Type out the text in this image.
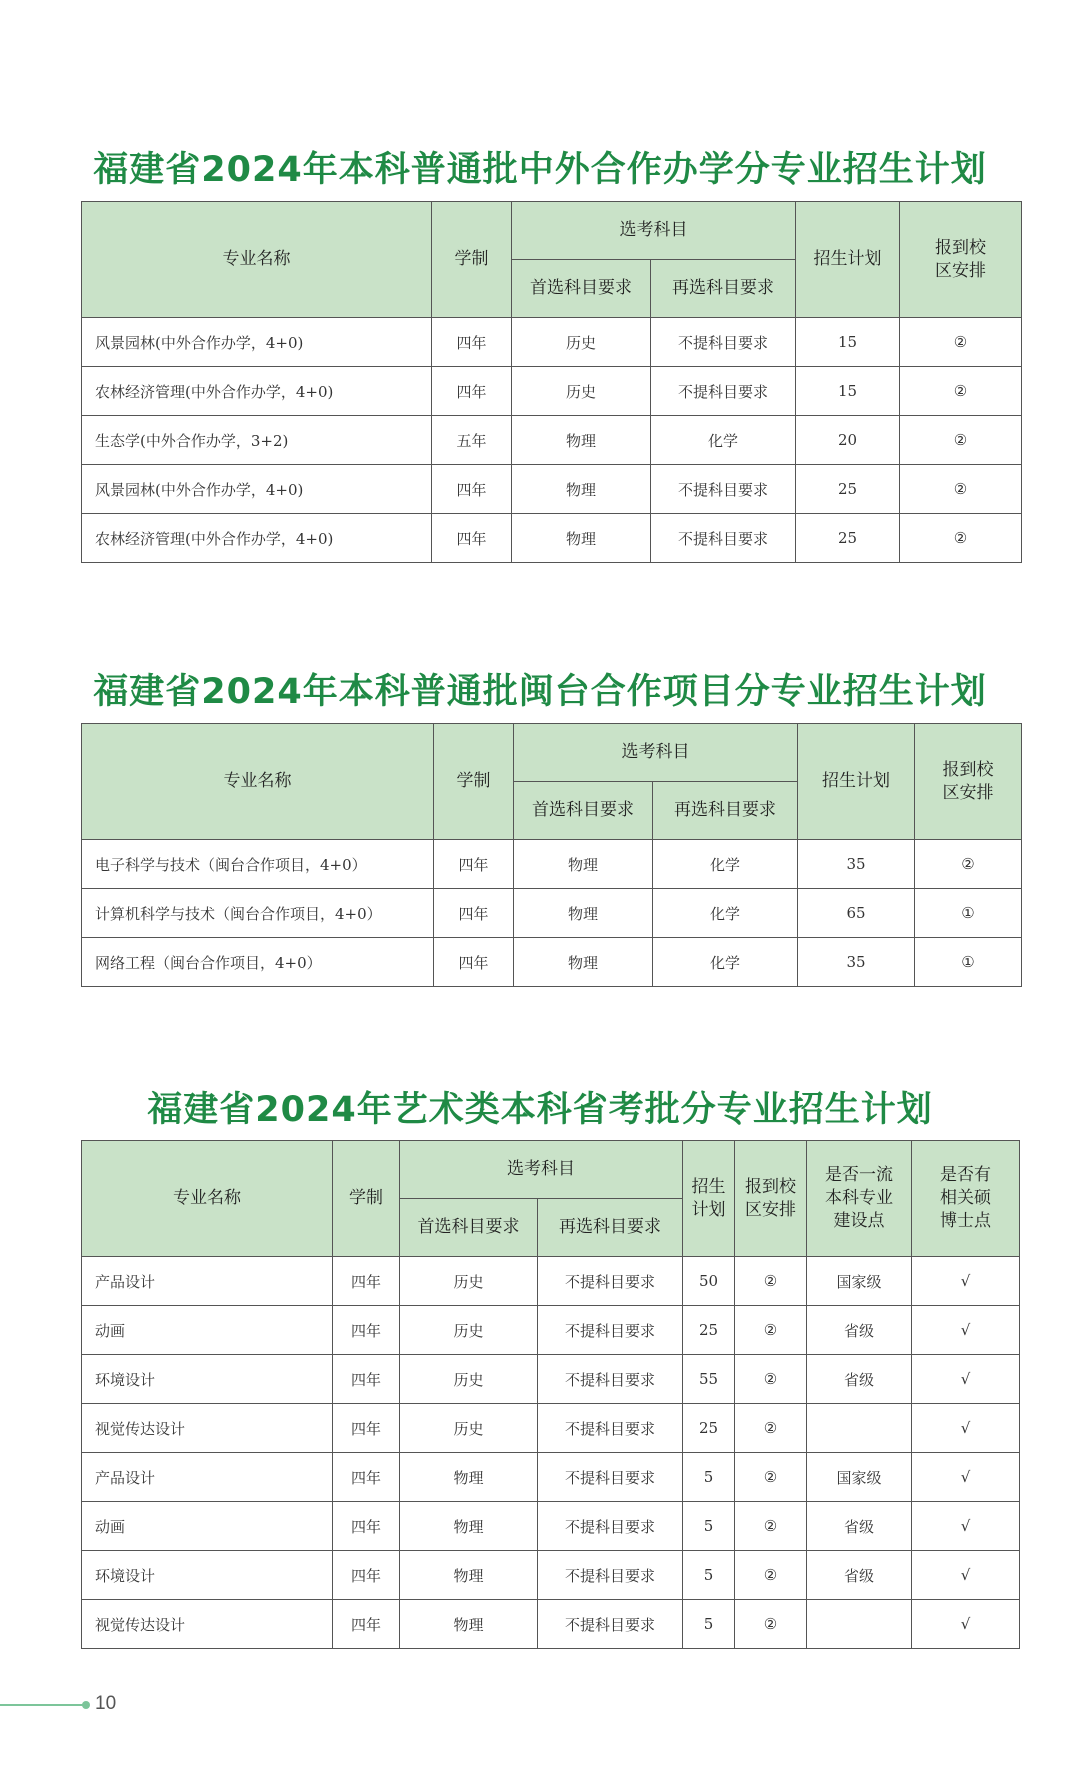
福建省2024年本科普通批中外合作办学分专业招生计划
专业名称	学制	选考科目		招生计划	报到校区安排

		首选科目要求	再选科目要求		
风景园林(中外合作办学，4+0)	四年	历史	不提科目要求	15	②
农林经济管理(中外合作办学，4+0)	四年	历史	不提科目要求	15	②
生态学(中外合作办学，3+2)	五年	物理	化学	20	②
风景园林(中外合作办学，4+0)	四年	物理	不提科目要求	25	②
农林经济管理(中外合作办学，4+0)	四年	物理	不提科目要求	25	②
福建省2024年本科普通批闽台合作项目分专业招生计划
专业名称	学制	选考科目		招生计划	报到校区安排

		首选科目要求	再选科目要求		
电子科学与技术（闽台合作项目，4+0）	四年	物理	化学	35	②
计算机科学与技术（闽台合作项目，4+0）	四年	物理	化学	65	①
网络工程（闽台合作项目，4+0）	四年	物理	化学	35	①
福建省2024年艺术类本科省考批分专业招生计划
专业名称	学制	选考科目		招生计划	报到校区安排	是否一流本科专业建设点	是否有相关硕博士点

		首选科目要求	再选科目要求				
产品设计	四年	历史	不提科目要求	50	②	国家级	√
动画	四年	历史	不提科目要求	25	②	省级	√
环境设计	四年	历史	不提科目要求	55	②	省级	√
视觉传达设计	四年	历史	不提科目要求	25	②		√
产品设计	四年	物理	不提科目要求	5	②	国家级	√
动画	四年	物理	不提科目要求	5	②	省级	√
环境设计	四年	物理	不提科目要求	5	②	省级	√
视觉传达设计	四年	物理	不提科目要求	5	②		√
10
